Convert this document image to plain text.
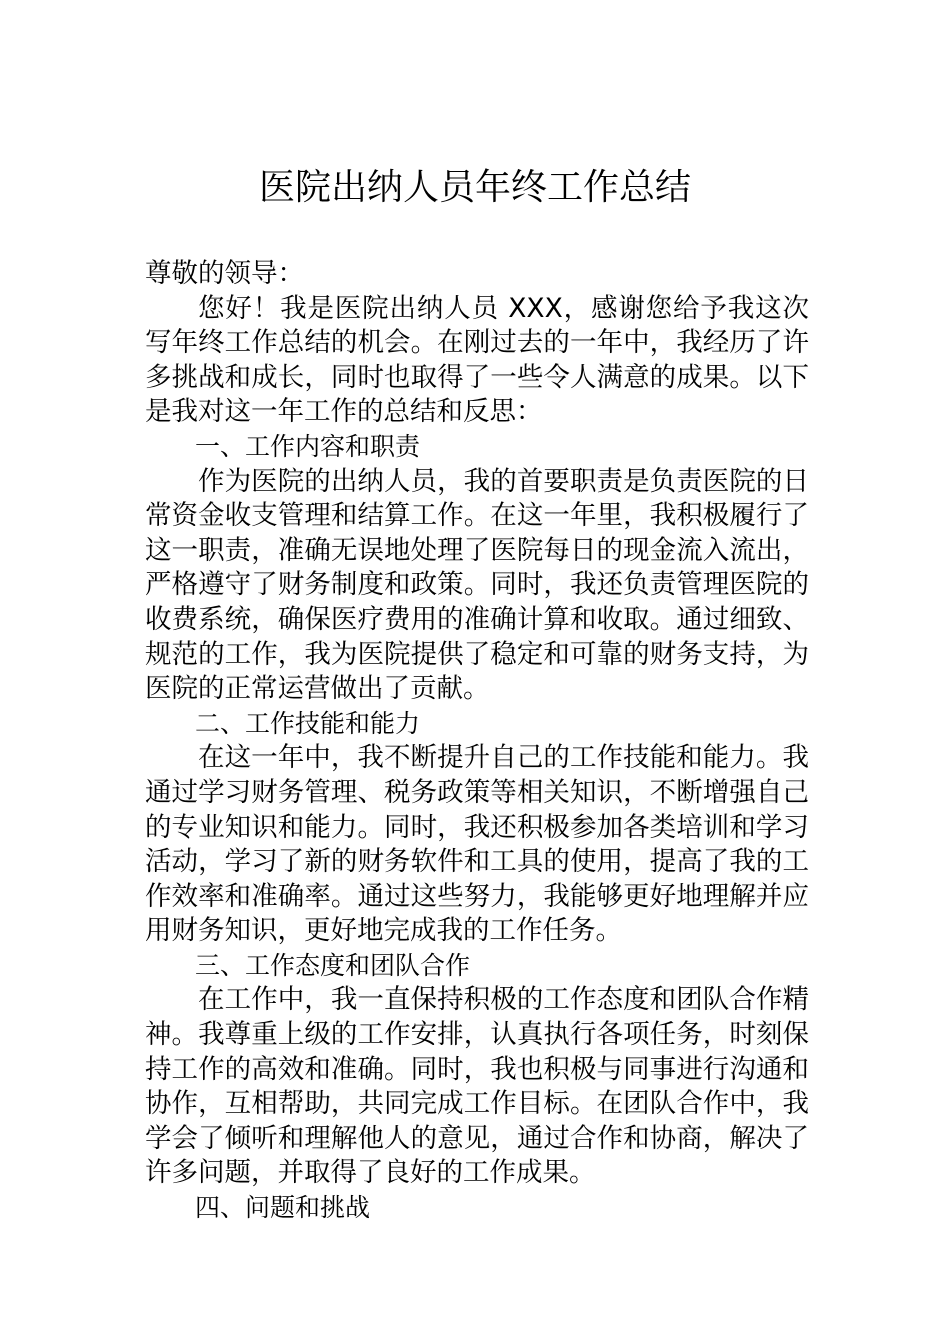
医院出纳人员年终工作总结

尊敬的领导：

您好！我是医院出纳人员 XXX，感谢您给予我这次写年终工作总结的机会。在刚过去的一年中，我经历了许多挑战和成长，同时也取得了一些令人满意的成果。以下是我对这一年工作的总结和反思：

一、工作内容和职责

作为医院的出纳人员，我的首要职责是负责医院的日常资金收支管理和结算工作。在这一年里，我积极履行了这一职责，准确无误地处理了医院每日的现金流入流出，严格遵守了财务制度和政策。同时，我还负责管理医院的收费系统，确保医疗费用的准确计算和收取。通过细致、规范的工作，我为医院提供了稳定和可靠的财务支持，为医院的正常运营做出了贡献。

二、工作技能和能力

在这一年中，我不断提升自己的工作技能和能力。我通过学习财务管理、税务政策等相关知识，不断增强自己的专业知识和能力。同时，我还积极参加各类培训和学习活动，学习了新的财务软件和工具的使用，提高了我的工作效率和准确率。通过这些努力，我能够更好地理解并应用财务知识，更好地完成我的工作任务。

三、工作态度和团队合作

在工作中，我一直保持积极的工作态度和团队合作精神。我尊重上级的工作安排，认真执行各项任务，时刻保持工作的高效和准确。同时，我也积极与同事进行沟通和协作，互相帮助，共同完成工作目标。在团队合作中，我学会了倾听和理解他人的意见，通过合作和协商，解决了许多问题，并取得了良好的工作成果。

四、问题和挑战
